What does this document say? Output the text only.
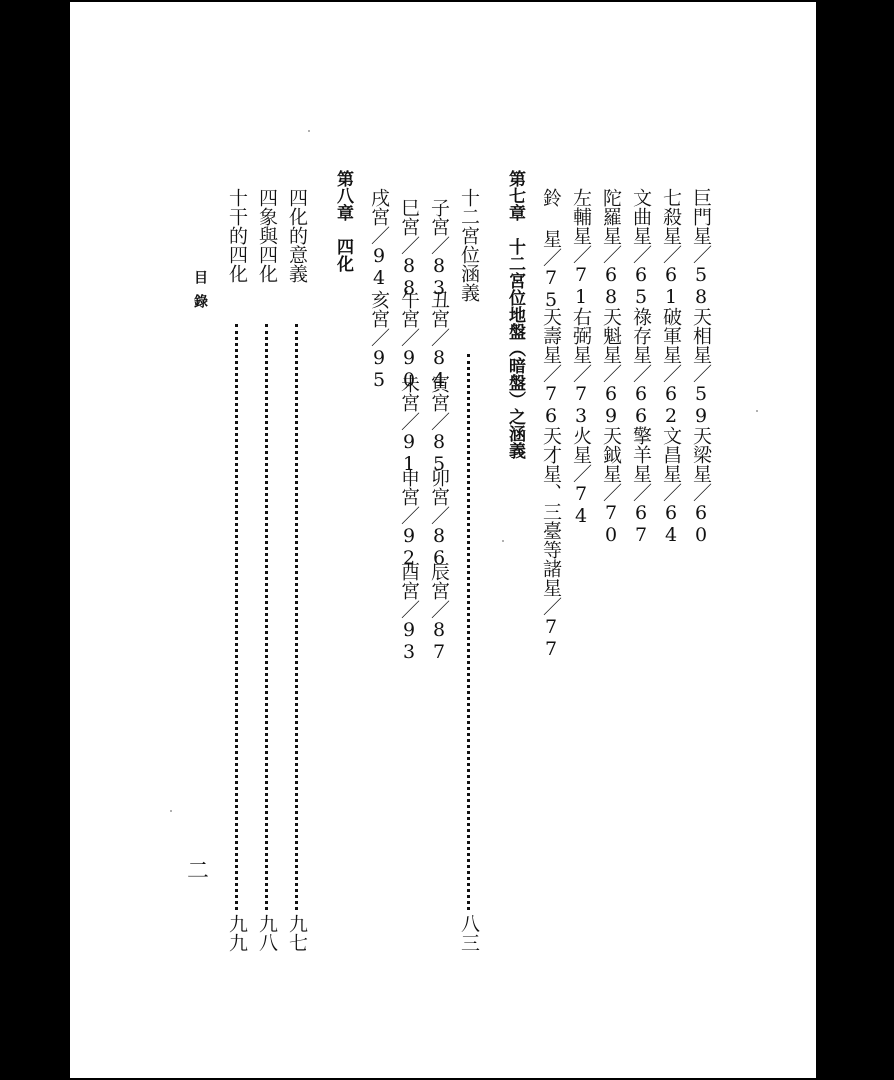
巨門星／58
天相星／59
天梁星／60
七殺星／61
破軍星／62
文昌星／64
文曲星／65
祿存星／66
擎羊星／67
陀羅星／68
天魁星／69
天鉞星／70
左輔星／71
右弼星／73
火星／74
鈴 星／75
天壽星／76
天才星、三臺等諸星／77
第七章　十二宮位地盤（暗盤）之涵義
十二宮位涵義
八三
子宮／83
丑宮／84
寅宮／85
卯宮／86
辰宮／87
巳宮／88
午宮／90
未宮／91
申宮／92
酉宮／93
戌宮／94
亥宮／95
第八章　四化
四化的意義
九七
四象與四化
九八
十干的四化
九九
目錄
二
